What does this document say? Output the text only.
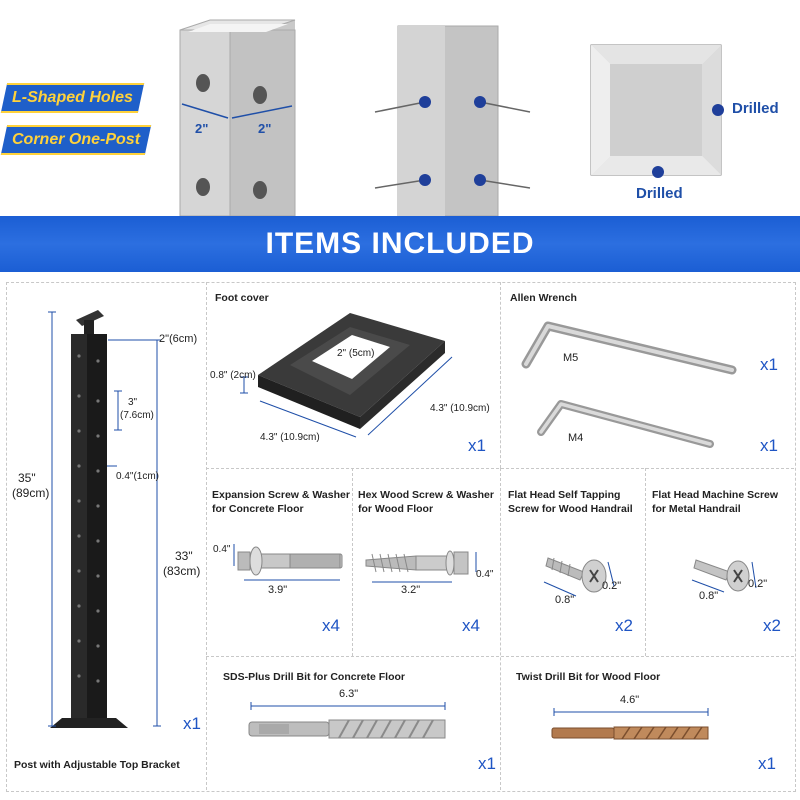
L-Shaped Holes
Corner One-Post
2"	2"
Drilled
Drilled
ITEMS INCLUDED
2"(6cm)
3"
(7.6cm)
0.4"(1cm)
35"
(89cm)
33"
(83cm)
x1
Post with Adjustable Top Bracket
Foot cover
2" (5cm)
0.8" (2cm)
4.3" (10.9cm)
4.3" (10.9cm)
x1
Allen Wrench
M5	x1
M4	x1
Expansion Screw & Washer
for Concrete Floor
0.4"
3.9"
x4
Hex Wood Screw & Washer
for Wood Floor
3.2"
0.4"
x4
Flat Head Self Tapping
Screw for Wood Handrail
0.8"
0.2"
x2
Flat Head Machine Screw
for Metal Handrail
0.8"
0.2"
x2
SDS-Plus Drill Bit for Concrete Floor
6.3"
x1
Twist Drill Bit for Wood Floor
4.6"
x1
